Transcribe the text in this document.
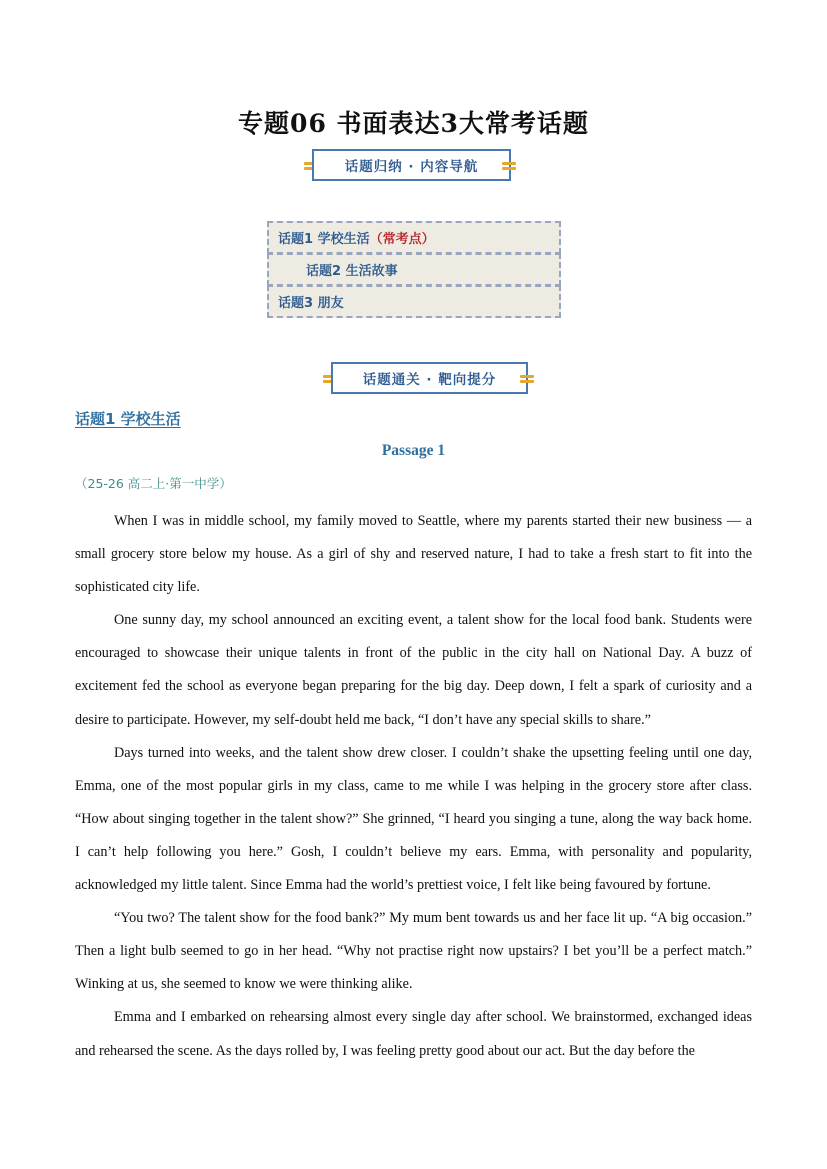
专题06 书面表达3大常考话题
话题归纳 · 内容导航
话题1 学校生活 （常考点）
话题2 生活故事
话题3 朋友
话题通关 · 靶向提分
话题1 学校生活
Passage 1
（25-26 高二上·第一中学）

When I was in middle school, my family moved to Seattle, where my parents started their new business — a small grocery store below my house. As a girl of shy and reserved nature, I had to take a fresh start to fit into the sophisticated city life.

One sunny day, my school announced an exciting event, a talent show for the local food bank. Students were encouraged to showcase their unique talents in front of the public in the city hall on National Day. A buzz of excitement fed the school as everyone began preparing for the big day. Deep down, I felt a spark of curiosity and a desire to participate. However, my self-doubt held me back, “I don’t have any special skills to share.”

Days turned into weeks, and the talent show drew closer. I couldn’t shake the upsetting feeling until one day, Emma, one of the most popular girls in my class, came to me while I was helping in the grocery store after class. “How about singing together in the talent show?” She grinned, “I heard you singing a tune, along the way back home. I can’t help following you here.” Gosh, I couldn’t believe my ears. Emma, with personality and popularity, acknowledged my little talent. Since Emma had the world’s prettiest voice, I felt like being favoured by fortune.

“You two? The talent show for the food bank?” My mum bent towards us and her face lit up. “A big occasion.” Then a light bulb seemed to go in her head. “Why not practise right now upstairs? I bet you’ll be a perfect match.” Winking at us, she seemed to know we were thinking alike.

Emma and I embarked on rehearsing almost every single day after school. We brainstormed, exchanged ideas and rehearsed the scene. As the days rolled by, I was feeling pretty good about our act. But the day before the
